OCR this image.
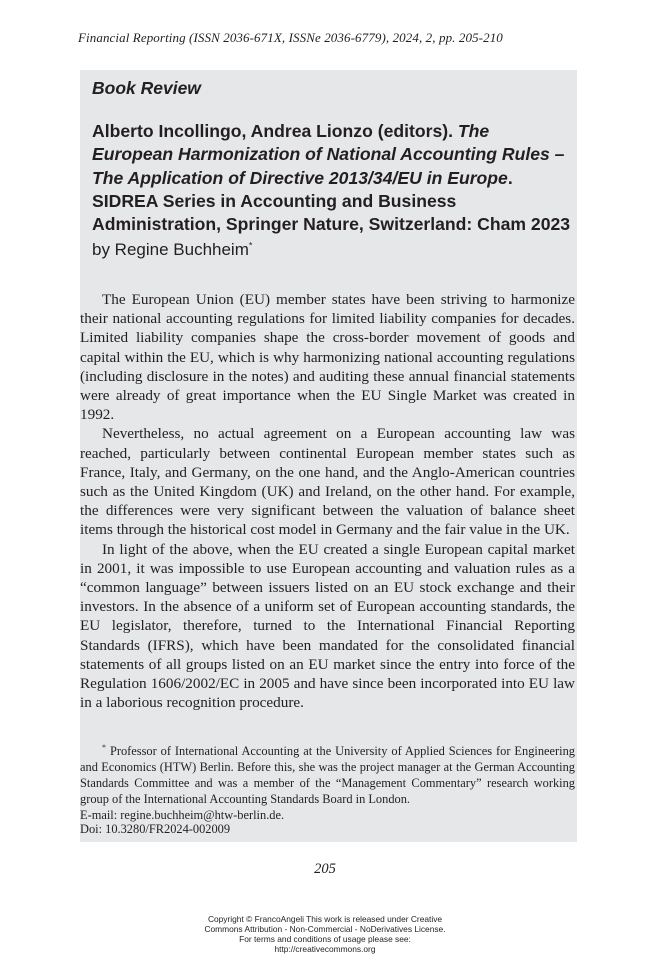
Financial Reporting (ISSN 2036-671X, ISSNe 2036-6779), 2024, 2, pp. 205-210
Book Review
Alberto Incollingo, Andrea Lionzo (editors). The European Harmonization of National Accounting Rules – The Application of Directive 2013/34/EU in Europe. SIDREA Series in Accounting and Business Administration, Springer Nature, Switzerland: Cham 2023
by Regine Buchheim*

The European Union (EU) member states have been striving to harmonize their national accounting regulations for limited liability companies for decades. Limited liability companies shape the cross-border movement of goods and capital within the EU, which is why harmonizing national accounting regulations (including disclosure in the notes) and auditing these annual financial statements were already of great importance when the EU Single Market was created in 1992.

Nevertheless, no actual agreement on a European accounting law was reached, particularly between continental European member states such as France, Italy, and Germany, on the one hand, and the Anglo-American countries such as the United Kingdom (UK) and Ireland, on the other hand. For example, the differences were very significant between the valuation of balance sheet items through the historical cost model in Germany and the fair value in the UK.

In light of the above, when the EU created a single European capital market in 2001, it was impossible to use European accounting and valuation rules as a “common language” between issuers listed on an EU stock exchange and their investors. In the absence of a uniform set of European accounting standards, the EU legislator, therefore, turned to the International Financial Reporting Standards (IFRS), which have been mandated for the consolidated financial statements of all groups listed on an EU market since the entry into force of the Regulation 1606/2002/EC in 2005 and have since been incorporated into EU law in a laborious recognition procedure.

* Professor of International Accounting at the University of Applied Sciences for Engineering and Economics (HTW) Berlin. Before this, she was the project manager at the German Accounting Standards Committee and was a member of the “Management Commentary” research working group of the International Accounting Standards Board in London.
E-mail: regine.buchheim@htw-berlin.de.

Doi: 10.3280/FR2024-002009
205
Copyright © FrancoAngeli This work is released under Creative
Commons Attribution - Non-Commercial - NoDerivatives License.
For terms and conditions of usage please see:
http://creativecommons.org
